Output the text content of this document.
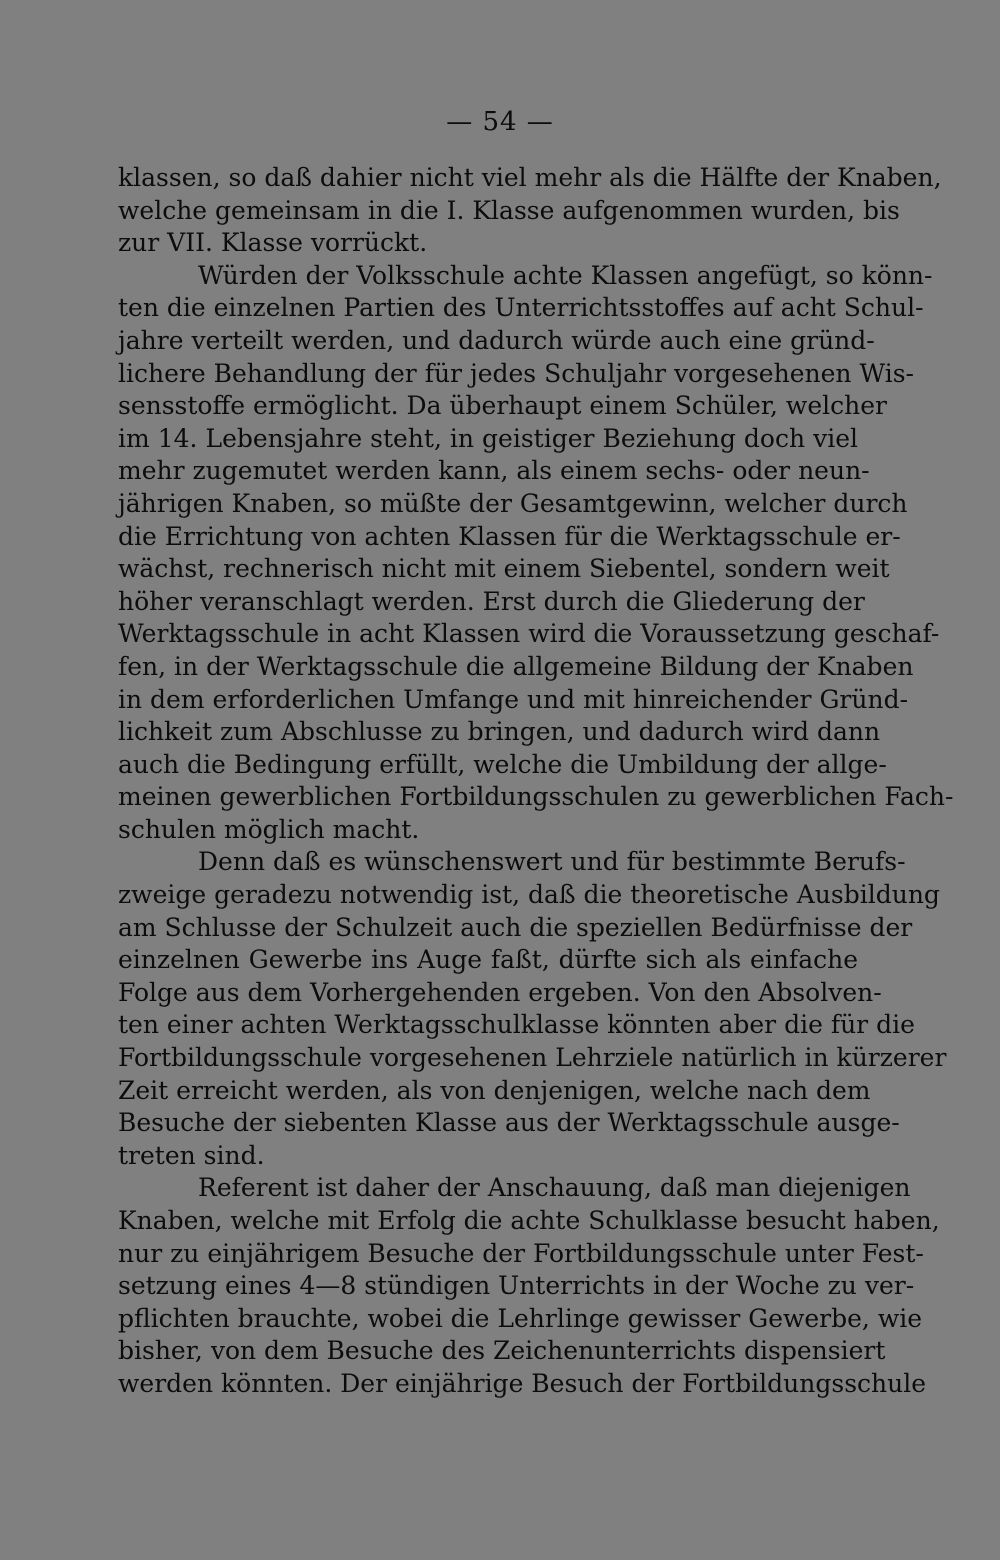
— 54 —
klassen, so daß dahier nicht viel mehr als die Hälfte der Knaben,
welche gemeinsam in die I. Klasse aufgenommen wurden, bis
zur VII. Klasse vorrückt.
Würden der Volksschule achte Klassen angefügt, so könn-
ten die einzelnen Partien des Unterrichtsstoffes auf acht Schul-
jahre verteilt werden, und dadurch würde auch eine gründ-
lichere Behandlung der für jedes Schuljahr vorgesehenen Wis-
sensstoffe ermöglicht. Da überhaupt einem Schüler, welcher
im 14. Lebensjahre steht, in geistiger Beziehung doch viel
mehr zugemutet werden kann, als einem sechs- oder neun-
jährigen Knaben, so müßte der Gesamtgewinn, welcher durch
die Errichtung von achten Klassen für die Werktagsschule er-
wächst, rechnerisch nicht mit einem Siebentel, sondern weit
höher veranschlagt werden. Erst durch die Gliederung der
Werktagsschule in acht Klassen wird die Voraussetzung geschaf-
fen, in der Werktagsschule die allgemeine Bildung der Knaben
in dem erforderlichen Umfange und mit hinreichender Gründ-
lichkeit zum Abschlusse zu bringen, und dadurch wird dann
auch die Bedingung erfüllt, welche die Umbildung der allge-
meinen gewerblichen Fortbildungsschulen zu gewerblichen Fach-
schulen möglich macht.
Denn daß es wünschenswert und für bestimmte Berufs-
zweige geradezu notwendig ist, daß die theoretische Ausbildung
am Schlusse der Schulzeit auch die speziellen Bedürfnisse der
einzelnen Gewerbe ins Auge faßt, dürfte sich als einfache
Folge aus dem Vorhergehenden ergeben. Von den Absolven-
ten einer achten Werktagsschulklasse könnten aber die für die
Fortbildungsschule vorgesehenen Lehrziele natürlich in kürzerer
Zeit erreicht werden, als von denjenigen, welche nach dem
Besuche der siebenten Klasse aus der Werktagsschule ausge-
treten sind.
Referent ist daher der Anschauung, daß man diejenigen
Knaben, welche mit Erfolg die achte Schulklasse besucht haben,
nur zu einjährigem Besuche der Fortbildungsschule unter Fest-
setzung eines 4—8 stündigen Unterrichts in der Woche zu ver-
pflichten brauchte, wobei die Lehrlinge gewisser Gewerbe, wie
bisher, von dem Besuche des Zeichenunterrichts dispensiert
werden könnten. Der einjährige Besuch der Fortbildungsschule
